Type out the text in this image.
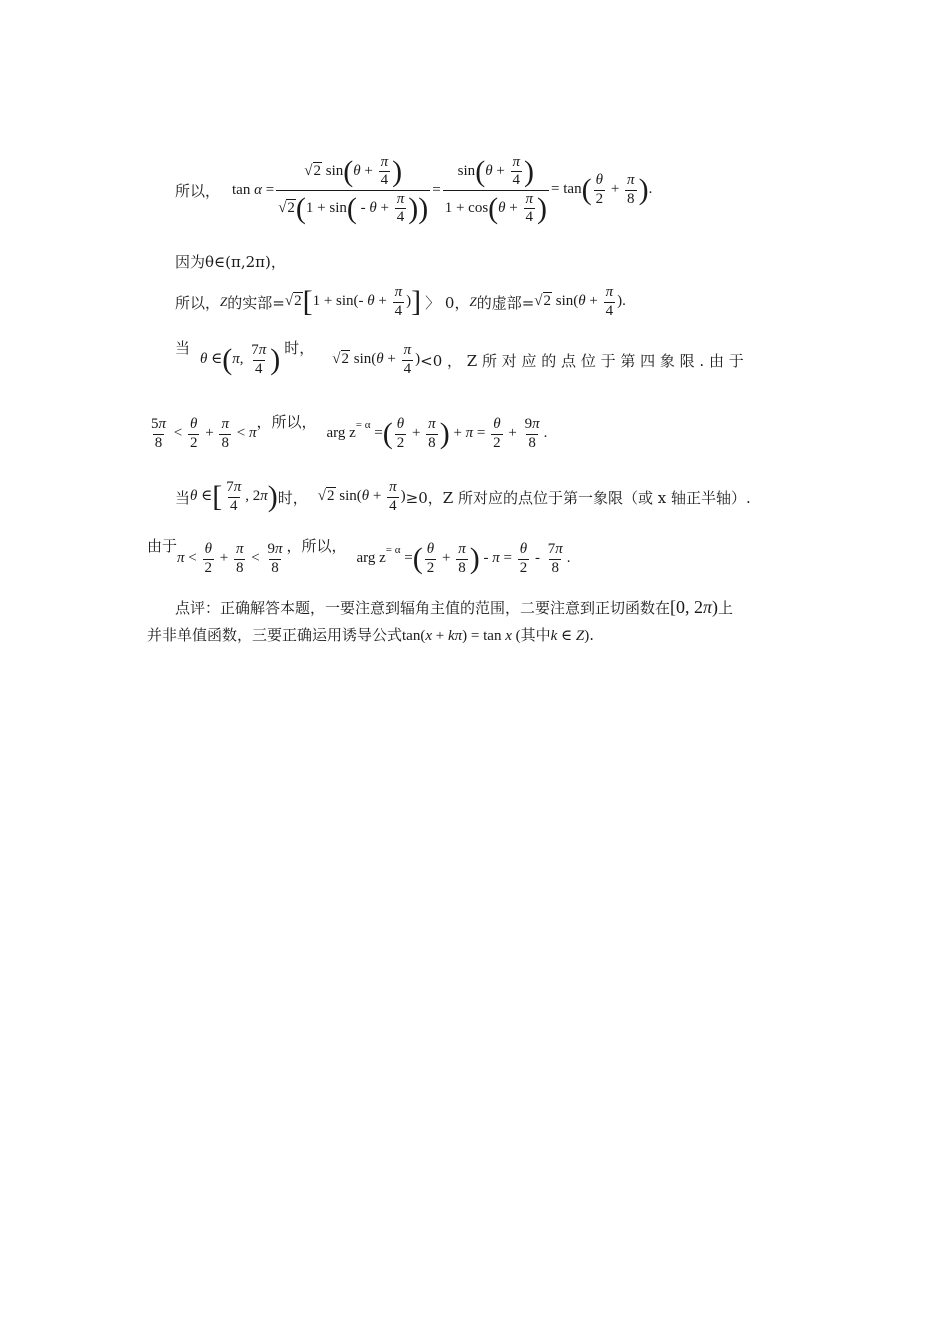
所以， $\tan \alpha = \frac{√2 \sin(\theta + \frac{\pi}{4} )}{√2(1 + \sin( - \theta + \frac{\pi}{4} ))} = \frac{\sin(\theta + \frac{\pi}{4} )}{1 + \cos(\theta + \frac{\pi}{4} )} = \tan( \frac{\theta}{2} + \frac{\pi}{8}$ ).
因为θ∈(π,2π)，
所以， Z 的实部= √2[1 + sin(- $\theta + \frac{\pi}{4}$ )] 〉 0， Z 的虚部= √2 $\sin(\theta + \frac{\pi}{4}$ ).
当
θ ∈(π, $\frac{7\pi}{4}$ ) 时，
√2 $\sin(\theta + \frac{\pi}{4}$ ) <0 ， Z 所 对 应 的 点 位 于 第 四 象 限 . 由 于
$\frac{5\pi}{8} < \frac{\theta}{2} + \frac{\pi}{8} < \pi$
，所以，
arg $z^{= \alpha}$ =( $\frac{\theta}{2} + \frac{\pi}{8}$ ) + $\pi = \frac{\theta}{2} + \frac{9\pi}{8}$ .
当 θ ∈[ $\frac{7\pi}{4}$ , 2π) 时， √2 $\sin(\theta + \frac{\pi}{4}$ ) ≥0，Z 所对应的点位于第一象限（或 x 轴正半轴）.
由于
$\pi < \frac{\theta}{2} + \frac{\pi}{8} < \frac{9\pi}{8}$ ，所以，
arg $z^{= \alpha}$ =( $\frac{\theta}{2} + \frac{\pi}{8}$ ) - $\pi = \frac{\theta}{2} - \frac{7\pi}{8}$ .
点评：正确解答本题，一要注意到辐角主值的范围，二要注意到正切函数在 [0, 2π) 上
并非单值函数，三要正确运用诱导公式 tan(x + kπ) = tan x (其中k ∈ Z) .
